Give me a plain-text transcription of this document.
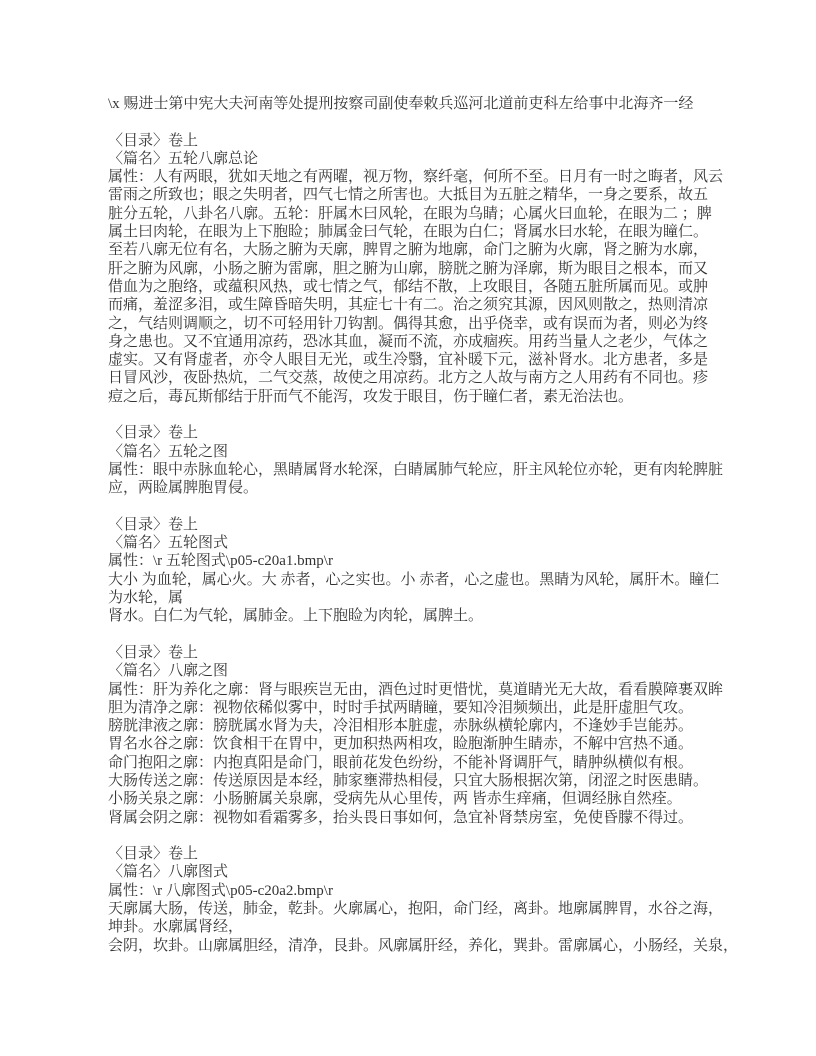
\x 赐进士第中宪大夫河南等处提刑按察司副使奉敕兵巡河北道前吏科左给事中北海齐一经
〈目录〉卷上
〈篇名〉五轮八廓总论
属性：人有两眼，犹如天地之有两曜，视万物，察纤毫，何所不至。日月有一时之晦者，风云
雷雨之所致也；眼之失明者，四气七情之所害也。大抵目为五脏之精华，一身之要系，故五
脏分五轮，八卦名八廓。五轮：肝属木曰风轮，在眼为乌睛；心属火曰血轮，在眼为二 ；脾
属土曰肉轮，在眼为上下胞睑；肺属金曰气轮，在眼为白仁；肾属水曰水轮，在眼为瞳仁。
至若八廓无位有名，大肠之腑为天廓，脾胃之腑为地廓，命门之腑为火廓，肾之腑为水廓，
肝之腑为风廓，小肠之腑为雷廓，胆之腑为山廓，膀胱之腑为泽廓，斯为眼目之根本，而又
借血为之胞络，或蕴积风热，或七情之气，郁结不散，上攻眼目，各随五脏所属而见。或肿
而痛，羞涩多泪，或生障昏暗失明，其症七十有二。治之须究其源，因风则散之，热则清凉
之，气结则调顺之，切不可轻用针刀钩割。偶得其愈，出乎侥幸，或有误而为者，则必为终
身之患也。又不宜通用凉药，恐冰其血，凝而不流，亦成痼疾。用药当量人之老少，气体之
虚实。又有肾虚者，亦令人眼目无光，或生冷翳，宜补暖下元，滋补肾水。北方患者，多是
日冒风沙，夜卧热炕，二气交蒸，故使之用凉药。北方之人故与南方之人用药有不同也。疹
痘之后，毒瓦斯郁结于肝而气不能泻，攻发于眼目，伤于瞳仁者，素无治法也。
〈目录〉卷上
〈篇名〉五轮之图
属性：眼中赤脉血轮心，黑睛属肾水轮深，白睛属肺气轮应，肝主风轮位亦轮，更有肉轮脾脏
应，两睑属脾胞胃侵。
〈目录〉卷上
〈篇名〉五轮图式
属性：\r 五轮图式\p05-c20a1.bmp\r
大小 为血轮，属心火。大 赤者，心之实也。小 赤者，心之虚也。黑睛为风轮，属肝木。瞳仁
为水轮，属
肾水。白仁为气轮，属肺金。上下胞睑为肉轮，属脾土。
〈目录〉卷上
〈篇名〉八廓之图
属性：肝为养化之廓：肾与眼疾岂无由，酒色过时更惜忧，莫道睛光无大故，看看膜障裹双眸
胆为清净之廓：视物依稀似雾中，时时手拭两睛瞳，要知冷泪频频出，此是肝虚胆气攻。
膀胱津液之廓：膀胱属水肾为夫，冷泪相形本脏虚，赤脉纵横轮廓内，不逢妙手岂能苏。
胃名水谷之廓：饮食相干在胃中，更加积热两相攻，睑胞渐肿生睛赤，不解中宫热不通。
命门抱阳之廓：内抱真阳是命门，眼前花发色纷纷，不能补肾调肝气，睛肿纵横似有根。
大肠传送之廓：传送原因是本经，肺家壅滞热相侵，只宜大肠根据次第，闭涩之时医患睛。
小肠关泉之廓：小肠腑属关泉廓，受病先从心里传，两 皆赤生痒痛，但调经脉自然痊。
肾属会阴之廓：视物如看霜雾多，抬头畏日事如何，急宜补肾禁房室，免使昏朦不得过。
〈目录〉卷上
〈篇名〉八廓图式
属性：\r 八廓图式\p05-c20a2.bmp\r
天廓属大肠，传送，肺金，乾卦。火廓属心，抱阳，命门经，离卦。地廓属脾胃，水谷之海，
坤卦。水廓属肾经，
会阴，坎卦。山廓属胆经，清净，艮卦。风廓属肝经，养化，巽卦。雷廓属心，小肠经，关泉，
